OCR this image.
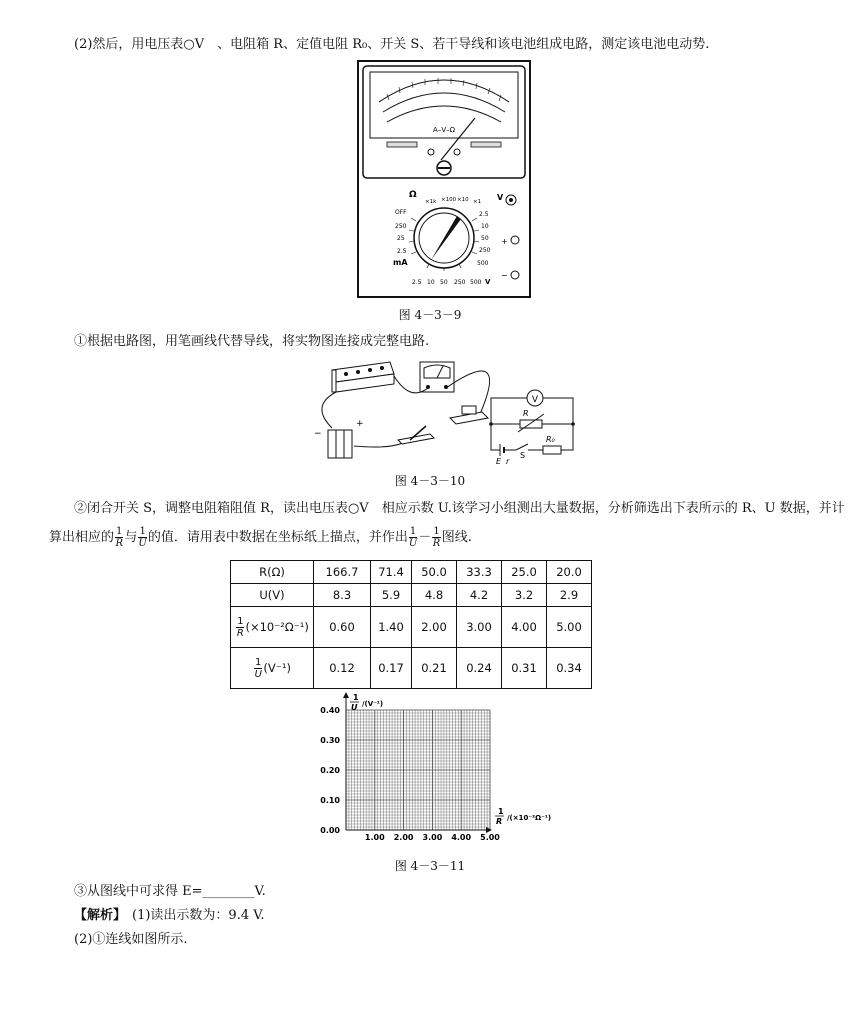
(2)然后，用电压表○V　、电阻箱 R、定值电阻 R₀、开关 S、若干导线和该电池组成电路，测定该电池电动势.
A–V–Ω
Ω
×1k ×100 ×10 ×1 V
OFF
250
25
2.5
mA
2.5
10
50
250
500
+
−
2.5 10 50 250 500 V
图 4－3－9
①根据电路图，用笔画线代替导线，将实物图连接成完整电路.
−
+
V
R
R₀
E r
S
图 4－3－10
②闭合开关 S，调整电阻箱阻值 R，读出电压表○V　相应示数 U.该学习小组测出大量数据，分析筛选出下表所示的 R、U 数据，并计
算出相应的 $\frac{1}{R}$ 与 $\frac{1}{U}$ 的值．请用表中数据在坐标纸上描点，并作出 $\frac{1}{U} - \frac{1}{R}$ 图线.
R(Ω)	166.7	71.4	50.0	33.3	25.0	20.0
U(V)	8.3	5.9	4.8	4.2	3.2	2.9

$\frac{1}{R} (\times 10^{-2}\Omega^{-1})$	0.60	1.40	2.00	3.00	4.00	5.00

$\frac{1}{U} (V^{-1})$	0.12	0.17	0.21	0.24	0.31	0.34
1.00 2.00 3.00 4.00 5.00
0.00
0.10
0.20
0.30
0.40
1
U /(V⁻¹)
1
R /(×10⁻²Ω⁻¹)
图 4－3－11
③从图线中可求得 E=________V.
【解析】 (1)读出示数为：9.4 V.
(2)①连线如图所示.
